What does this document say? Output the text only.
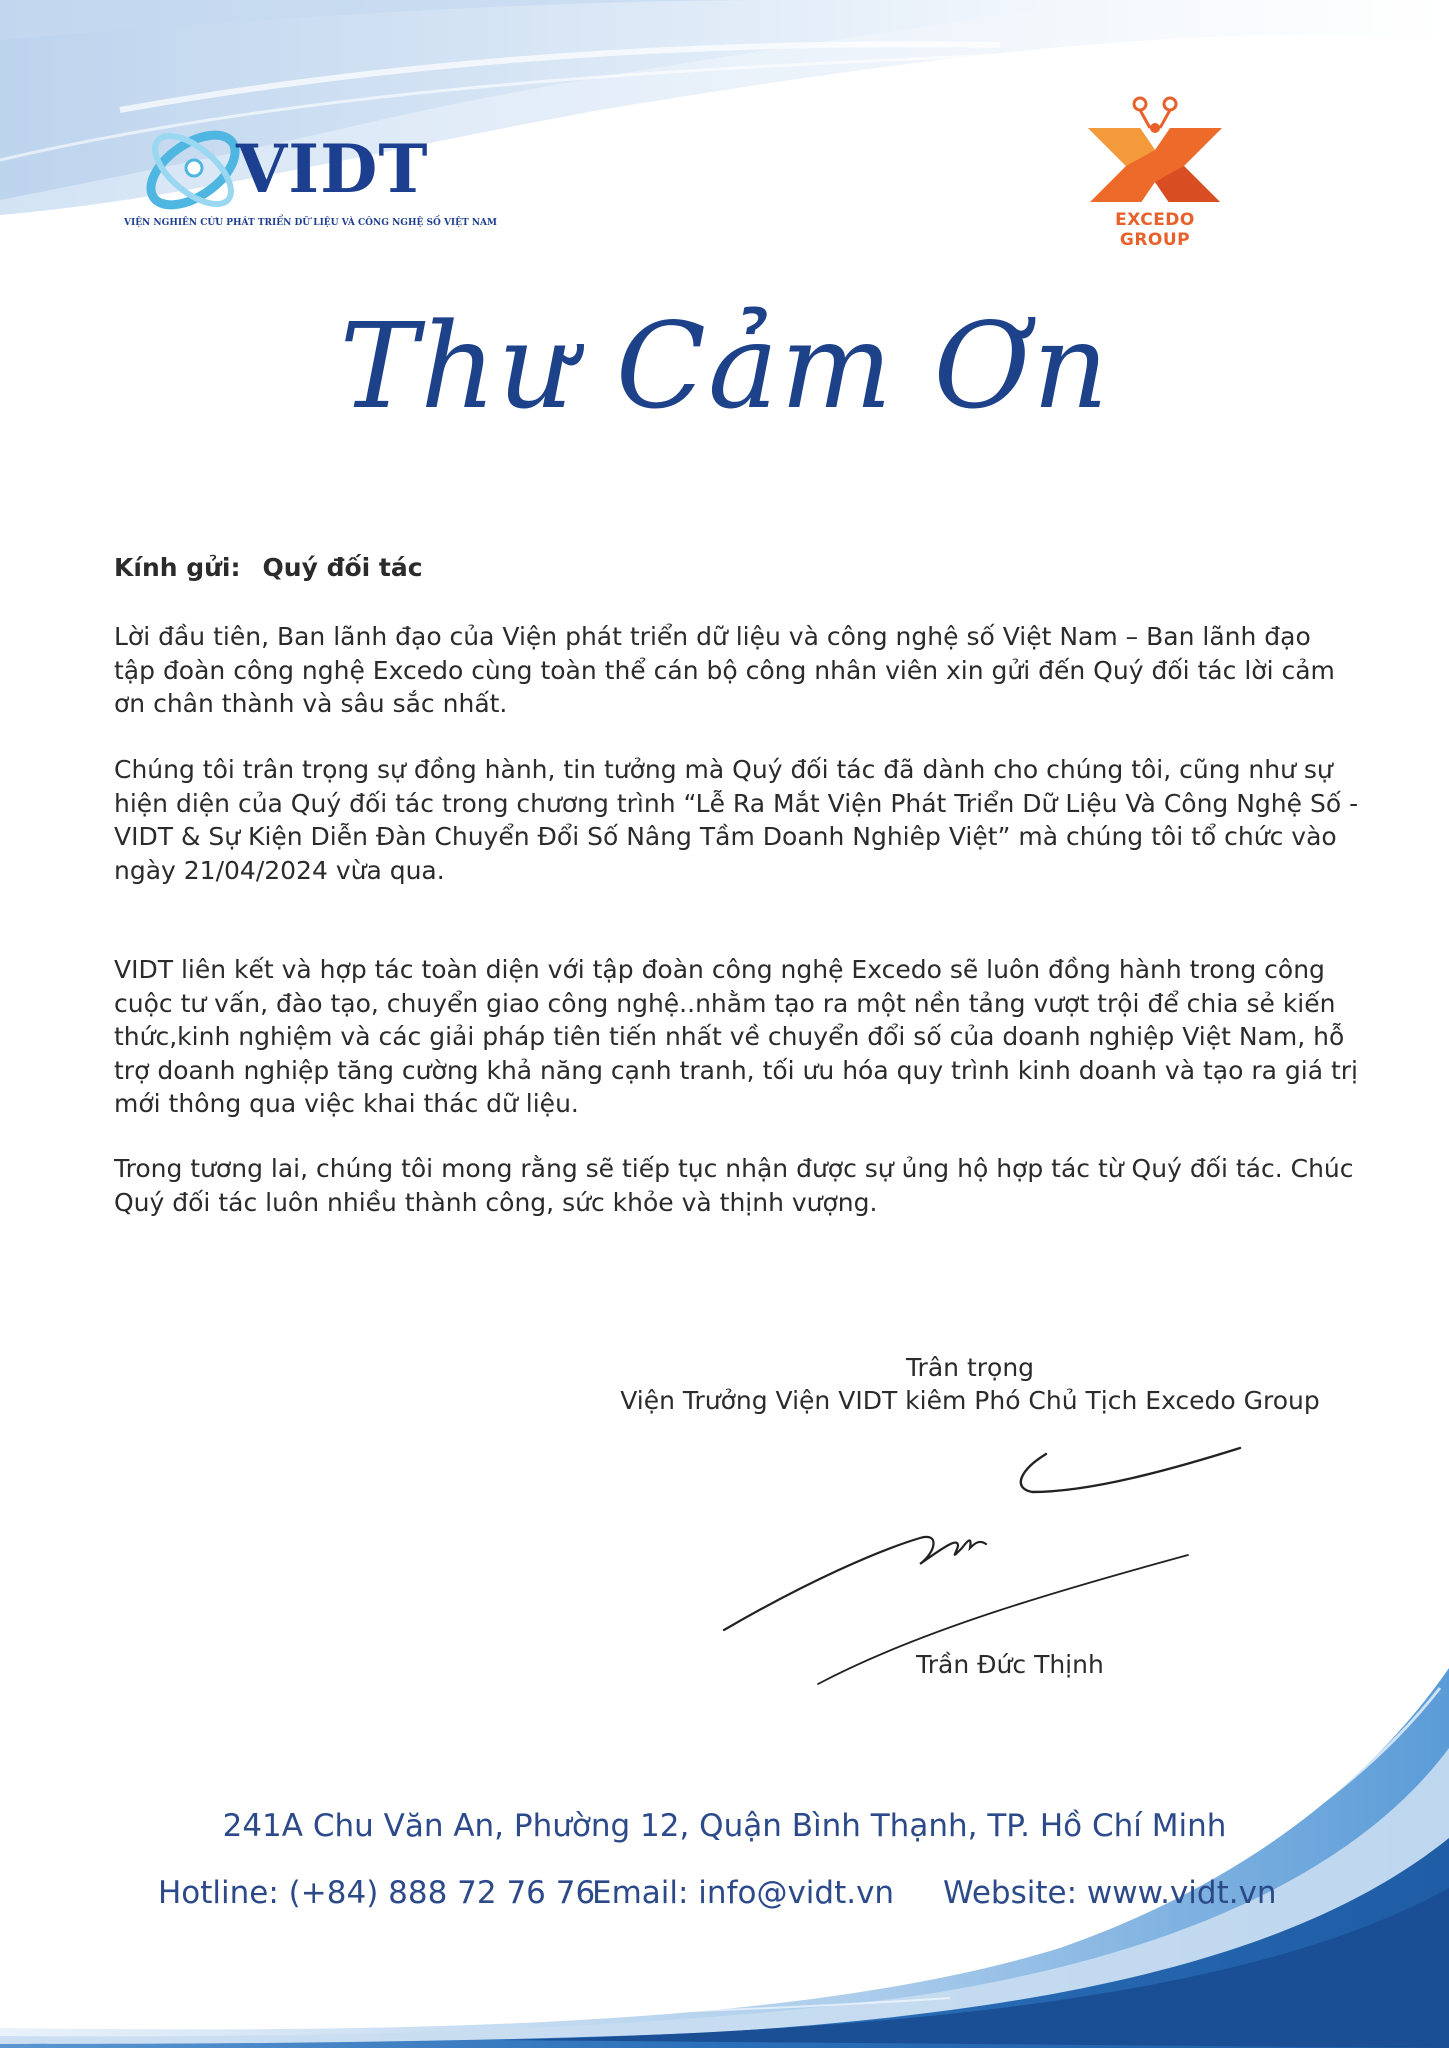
VIDT
VIỆN NGHIÊN CỨU PHÁT TRIỂN DỮ LIỆU VÀ CÔNG NGHỆ SỐ VIỆT NAM	EXCEDO GROUP
Thư Cảm Ơn
Kính gửi: Quý đối tác

Lời đầu tiên, Ban lãnh đạo của Viện phát triển dữ liệu và công nghệ số Việt Nam – Ban lãnh đạo tập đoàn công nghệ Excedo cùng toàn thể cán bộ công nhân viên xin gửi đến Quý đối tác lời cảm ơn chân thành và sâu sắc nhất.

Chúng tôi trân trọng sự đồng hành, tin tưởng mà Quý đối tác đã dành cho chúng tôi, cũng như sự hiện diện của Quý đối tác trong chương trình “Lễ Ra Mắt Viện Phát Triển Dữ Liệu Và Công Nghệ Số -VIDT & Sự Kiện Diễn Đàn Chuyển Đổi Số Nâng Tầm Doanh Nghiêp Việt” mà chúng tôi tổ chức vào ngày 21/04/2024 vừa qua.

VIDT liên kết và hợp tác toàn diện với tập đoàn công nghệ Excedo sẽ luôn đồng hành trong công cuộc tư vấn, đào tạo, chuyển giao công nghệ..nhằm tạo ra một nền tảng vượt trội để chia sẻ kiến thức,kinh nghiệm và các giải pháp tiên tiến nhất về chuyển đổi số của doanh nghiệp Việt Nam, hỗ trợ doanh nghiệp tăng cường khả năng cạnh tranh, tối ưu hóa quy trình kinh doanh và tạo ra giá trị mới thông qua việc khai thác dữ liệu.

Trong tương lai, chúng tôi mong rằng sẽ tiếp tục nhận được sự ủng hộ hợp tác từ Quý đối tác. Chúc Quý đối tác luôn nhiều thành công, sức khỏe và thịnh vượng.

Trân trọng
Viện Trưởng Viện VIDT kiêm Phó Chủ Tịch Excedo Group
Trần Đức Thịnh
241A Chu Văn An, Phường 12, Quận Bình Thạnh, TP. Hồ Chí Minh
Hotline: (+84) 888 72 76 76
Email: info@vidt.vn Website: www.vidt.vn
